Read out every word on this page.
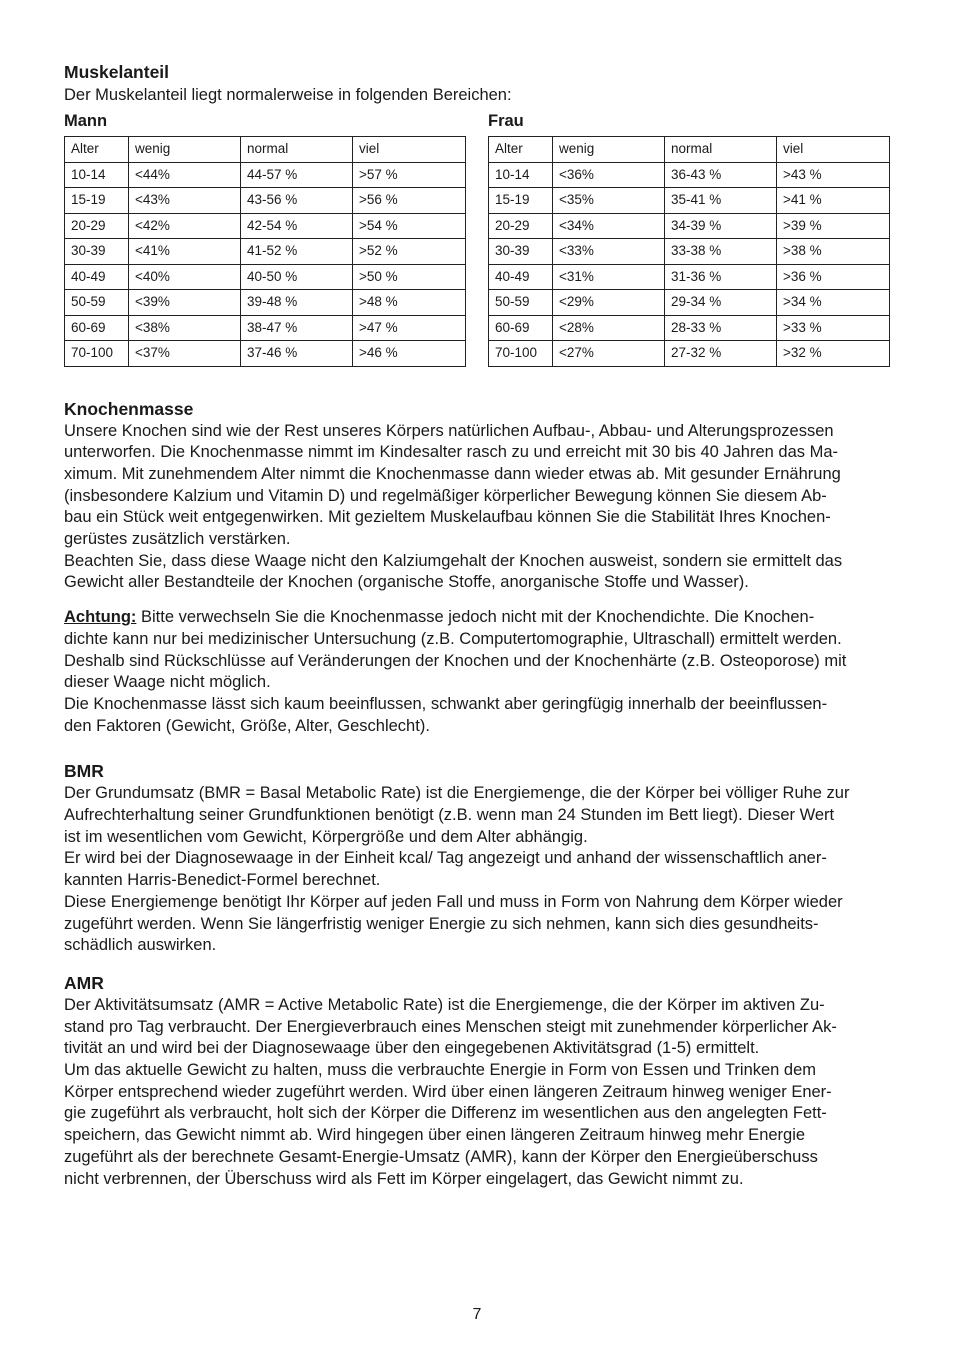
Muskelanteil

Der Muskelanteil liegt normalerweise in folgenden Bereichen:

Mann
Alter	wenig	normal	viel
10-14	<44%	44-57 %	>57 %
15-19	<43%	43-56 %	>56 %
20-29	<42%	42-54 %	>54 %
30-39	<41%	41-52 %	>52 %
40-49	<40%	40-50 %	>50 %
50-59	<39%	39-48 %	>48 %
60-69	<38%	38-47 %	>47 %
70-100	<37%	37-46 %	>46 %
Frau
Alter	wenig	normal	viel
10-14	<36%	36-43 %	>43 %
15-19	<35%	35-41 %	>41 %
20-29	<34%	34-39 %	>39 %
30-39	<33%	33-38 %	>38 %
40-49	<31%	31-36 %	>36 %
50-59	<29%	29-34 %	>34 %
60-69	<28%	28-33 %	>33 %
70-100	<27%	27-32 %	>32 %
Knochenmasse

Unsere Knochen sind wie der Rest unseres Körpers natürlichen Aufbau-, Abbau- und Alterungsprozessen
unterworfen. Die Knochenmasse nimmt im Kindesalter rasch zu und erreicht mit 30 bis 40 Jahren das Ma-
ximum. Mit zunehmendem Alter nimmt die Knochenmasse dann wieder etwas ab. Mit gesunder Ernährung
(insbesondere Kalzium und Vitamin D) und regelmäßiger körperlicher Bewegung können Sie diesem Ab-
bau ein Stück weit entgegenwirken. Mit gezieltem Muskelaufbau können Sie die Stabilität Ihres Knochen-
gerüstes zusätzlich verstärken.
Beachten Sie, dass diese Waage nicht den Kalziumgehalt der Knochen ausweist, sondern sie ermittelt das
Gewicht aller Bestandteile der Knochen (organische Stoffe, anorganische Stoffe und Wasser).

Achtung: Bitte verwechseln Sie die Knochenmasse jedoch nicht mit der Knochendichte. Die Knochen-
dichte kann nur bei medizinischer Untersuchung (z.B. Computertomographie, Ultraschall) ermittelt werden.
Deshalb sind Rückschlüsse auf Veränderungen der Knochen und der Knochenhärte (z.B. Osteoporose) mit
dieser Waage nicht möglich.
Die Knochenmasse lässt sich kaum beeinflussen, schwankt aber geringfügig innerhalb der beeinflussen-
den Faktoren (Gewicht, Größe, Alter, Geschlecht).

BMR

Der Grundumsatz (BMR = Basal Metabolic Rate) ist die Energiemenge, die der Körper bei völliger Ruhe zur
Aufrechterhaltung seiner Grundfunktionen benötigt (z.B. wenn man 24 Stunden im Bett liegt). Dieser Wert
ist im wesentlichen vom Gewicht, Körpergröße und dem Alter abhängig.
Er wird bei der Diagnosewaage in der Einheit kcal/ Tag angezeigt und anhand der wissenschaftlich aner-
kannten Harris-Benedict-Formel berechnet.
Diese Energiemenge benötigt Ihr Körper auf jeden Fall und muss in Form von Nahrung dem Körper wieder
zugeführt werden. Wenn Sie längerfristig weniger Energie zu sich nehmen, kann sich dies gesundheits-
schädlich auswirken.

AMR

Der Aktivitätsumsatz (AMR = Active Metabolic Rate) ist die Energiemenge, die der Körper im aktiven Zu-
stand pro Tag verbraucht. Der Energieverbrauch eines Menschen steigt mit zunehmender körperlicher Ak-
tivität an und wird bei der Diagnosewaage über den eingegebenen Aktivitätsgrad (1-5) ermittelt.
Um das aktuelle Gewicht zu halten, muss die verbrauchte Energie in Form von Essen und Trinken dem
Körper entsprechend wieder zugeführt werden. Wird über einen längeren Zeitraum hinweg weniger Ener-
gie zugeführt als verbraucht, holt sich der Körper die Differenz im wesentlichen aus den angelegten Fett-
speichern, das Gewicht nimmt ab. Wird hingegen über einen längeren Zeitraum hinweg mehr Energie
zugeführt als der berechnete Gesamt-Energie-Umsatz (AMR), kann der Körper den Energieüberschuss
nicht verbrennen, der Überschuss wird als Fett im Körper eingelagert, das Gewicht nimmt zu.

7
